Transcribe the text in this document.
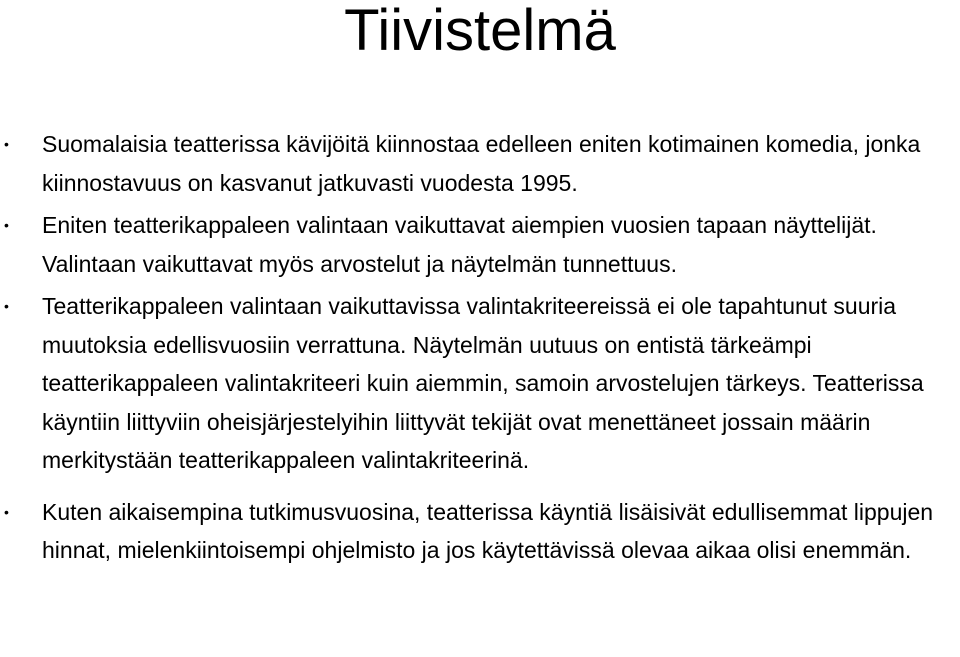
Tiivistelmä
• Suomalaisia teatterissa kävijöitä kiinnostaa edelleen eniten kotimainen komedia, jonka kiinnostavuus on kasvanut jatkuvasti vuodesta 1995.
• Eniten teatterikappaleen valintaan vaikuttavat aiempien vuosien tapaan näyttelijät. Valintaan vaikuttavat myös arvostelut ja näytelmän tunnettuus.
• Teatterikappaleen valintaan vaikuttavissa valintakriteereissä ei ole tapahtunut suuria muutoksia edellisvuosiin verrattuna. Näytelmän uutuus on entistä tärkeämpi teatterikappaleen valintakriteeri kuin aiemmin, samoin arvostelujen tärkeys. Teatterissa käyntiin liittyviin oheisjärjestelyihin liittyvät tekijät ovat menettäneet jossain määrin merkitystään teatterikappaleen valintakriteerinä.
• Kuten aikaisempina tutkimusvuosina, teatterissa käyntiä lisäisivät edullisemmat lippujen hinnat, mielenkiintoisempi ohjelmisto ja jos käytettävissä olevaa aikaa olisi enemmän.
